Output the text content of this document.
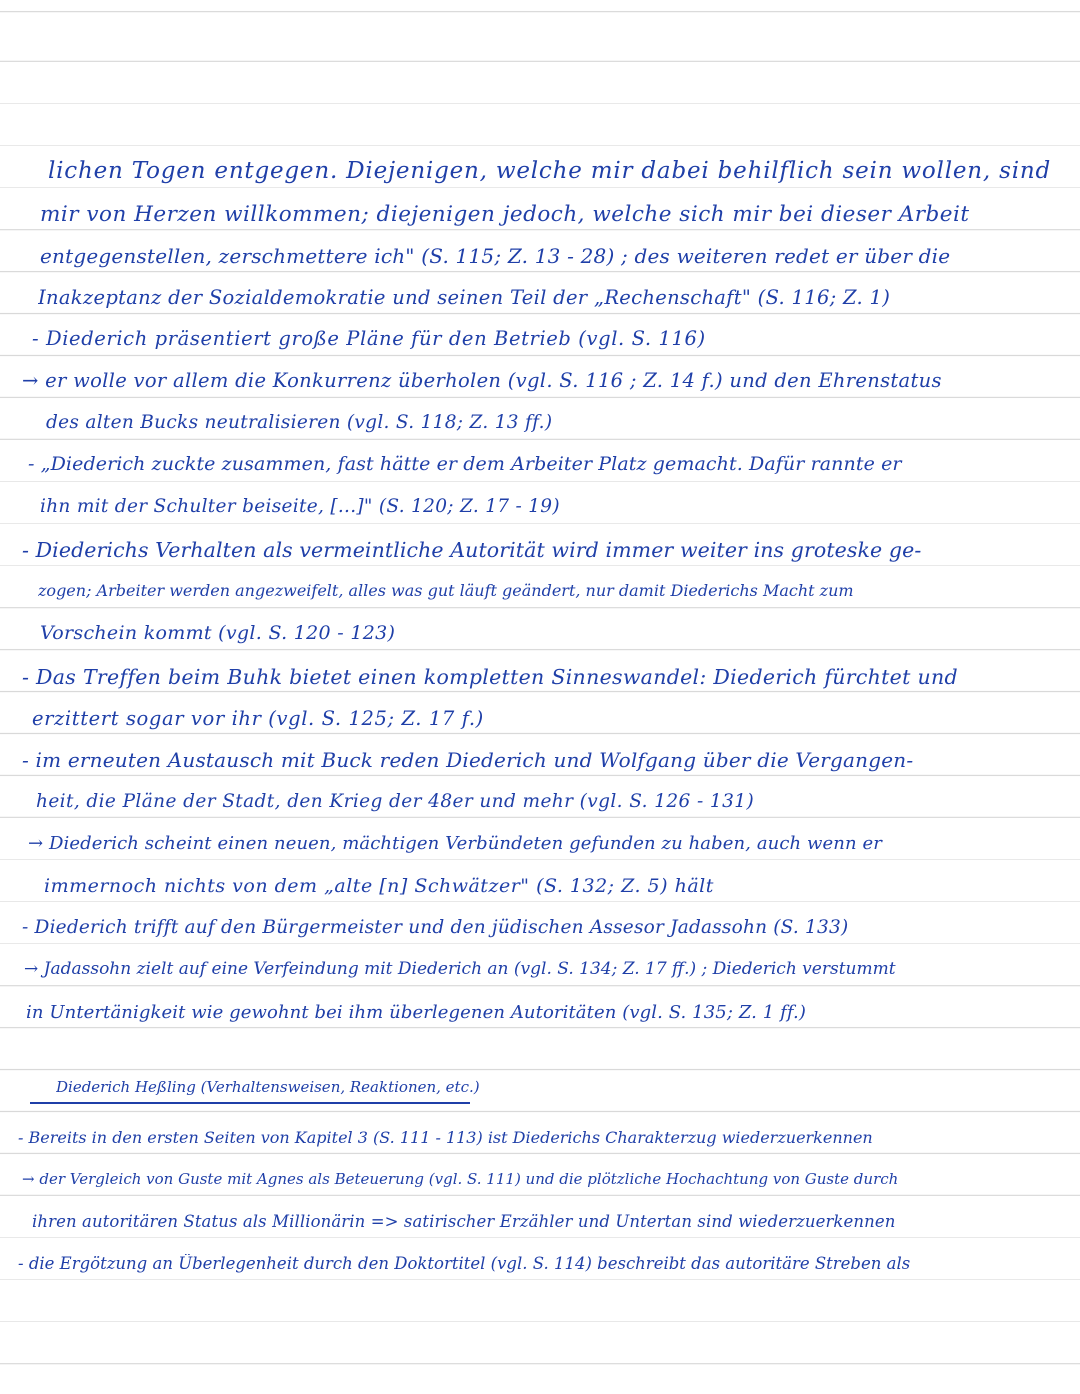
lichen Togen entgegen. Diejenigen, welche mir dabei behilflich sein wollen, sind
mir von Herzen willkommen; diejenigen jedoch, welche sich mir bei dieser Arbeit
entgegenstellen, zerschmettere ich" (S. 115; Z. 13 - 28) ; des weiteren redet er über die
Inakzeptanz der Sozialdemokratie und seinen Teil der „Rechenschaft" (S. 116; Z. 1)
- Diederich präsentiert große Pläne für den Betrieb (vgl. S. 116)
→ er wolle vor allem die Konkurrenz überholen (vgl. S. 116 ; Z. 14 f.) und den Ehrenstatus
des alten Bucks neutralisieren (vgl. S. 118; Z. 13 ff.)
- „Diederich zuckte zusammen, fast hätte er dem Arbeiter Platz gemacht. Dafür rannte er
ihn mit der Schulter beiseite, [...]" (S. 120; Z. 17 - 19)
- Diederichs Verhalten als vermeintliche Autorität wird immer weiter ins groteske ge-
zogen; Arbeiter werden angezweifelt, alles was gut läuft geändert, nur damit Diederichs Macht zum
Vorschein kommt (vgl. S. 120 - 123)
- Das Treffen beim Buhk bietet einen kompletten Sinneswandel: Diederich fürchtet und
erzittert sogar vor ihr (vgl. S. 125; Z. 17 f.)
- im erneuten Austausch mit Buck reden Diederich und Wolfgang über die Vergangen-
heit, die Pläne der Stadt, den Krieg der 48er und mehr (vgl. S. 126 - 131)
→ Diederich scheint einen neuen, mächtigen Verbündeten gefunden zu haben, auch wenn er
immernoch nichts von dem „alte [n] Schwätzer" (S. 132; Z. 5) hält
- Diederich trifft auf den Bürgermeister und den jüdischen Assesor Jadassohn (S. 133)
→ Jadassohn zielt auf eine Verfeindung mit Diederich an (vgl. S. 134; Z. 17 ff.) ; Diederich verstummt
in Untertänigkeit wie gewohnt bei ihm überlegenen Autoritäten (vgl. S. 135; Z. 1 ff.)
Diederich Heßling (Verhaltensweisen, Reaktionen, etc.)
- Bereits in den ersten Seiten von Kapitel 3 (S. 111 - 113) ist Diederichs Charakterzug wiederzuerkennen
→ der Vergleich von Guste mit Agnes als Beteuerung (vgl. S. 111) und die plötzliche Hochachtung von Guste durch
ihren autoritären Status als Millionärin => satirischer Erzähler und Untertan sind wiederzuerkennen
- die Ergötzung an Überlegenheit durch den Doktortitel (vgl. S. 114) beschreibt das autoritäre Streben als
